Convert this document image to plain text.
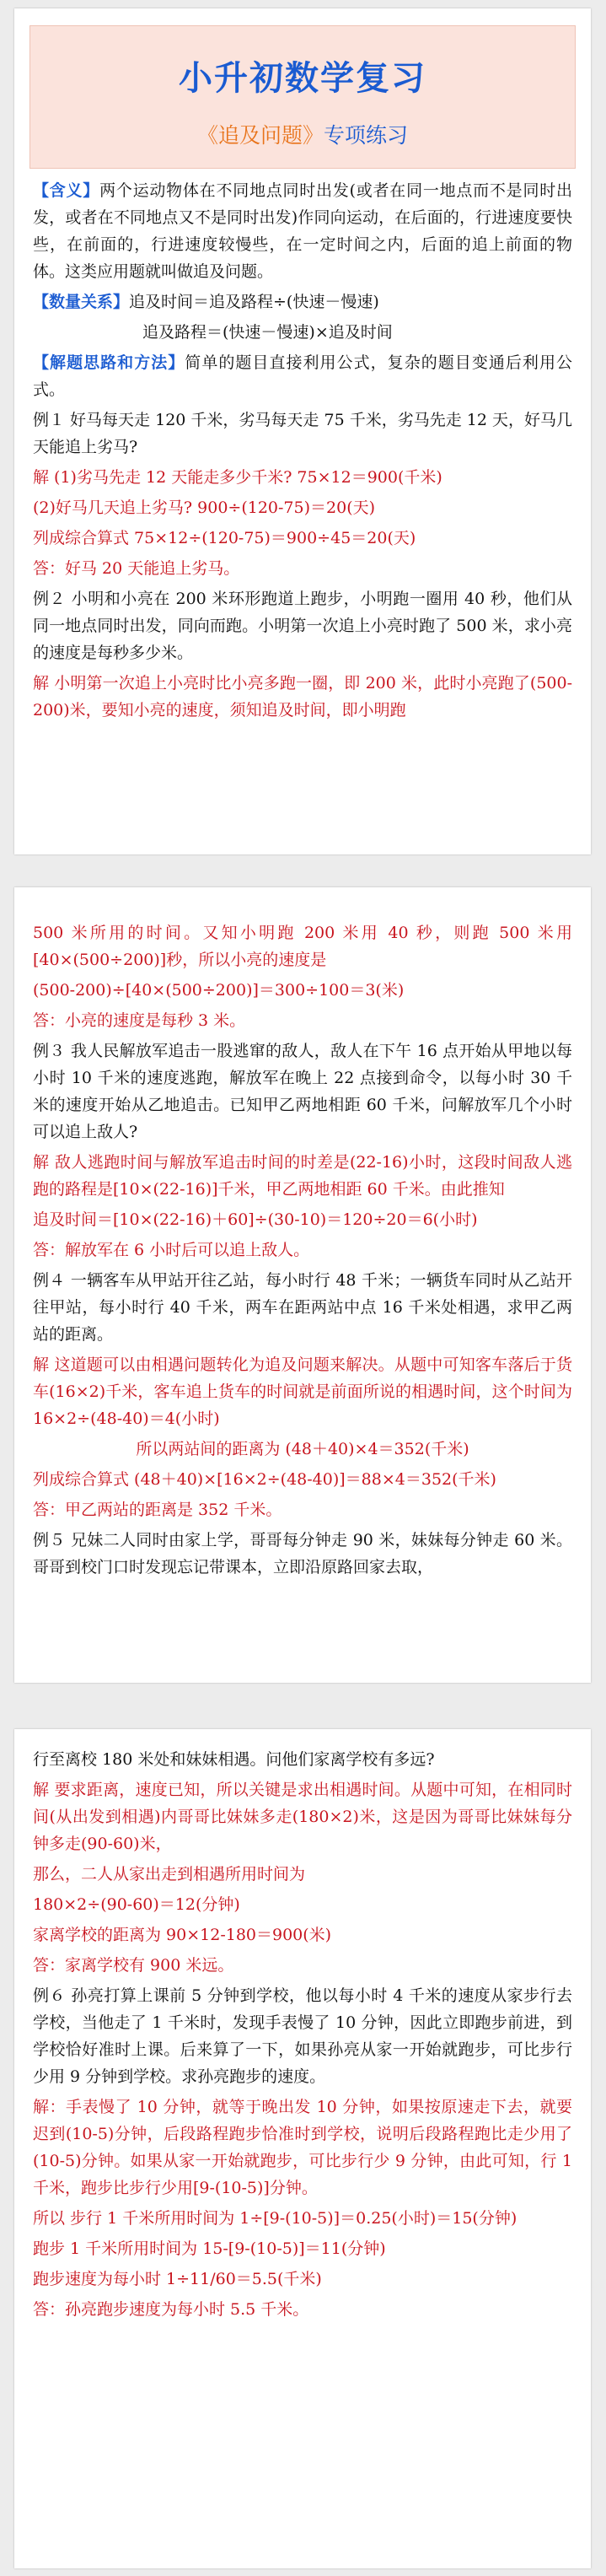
小升初数学复习
《追及问题》专项练习

【含义】两个运动物体在不同地点同时出发(或者在同一地点而不是同时出发，或者在不同地点又不是同时出发)作同向运动，在后面的，行进速度要快些，在前面的，行进速度较慢些，在一定时间之内，后面的追上前面的物体。这类应用题就叫做追及问题。

【数量关系】追及时间＝追及路程÷(快速－慢速)

追及路程＝(快速－慢速)×追及时间

【解题思路和方法】简单的题目直接利用公式，复杂的题目变通后利用公式。

例１ 好马每天走 120 千米，劣马每天走 75 千米，劣马先走 12 天，好马几天能追上劣马?

解 (1)劣马先走 12 天能走多少千米? 75×12＝900(千米)

(2)好马几天追上劣马? 900÷(120-75)＝20(天)

列成综合算式 75×12÷(120-75)＝900÷45＝20(天)

答：好马 20 天能追上劣马。

例２ 小明和小亮在 200 米环形跑道上跑步，小明跑一圈用 40 秒，他们从同一地点同时出发，同向而跑。小明第一次追上小亮时跑了 500 米，求小亮的速度是每秒多少米。

解 小明第一次追上小亮时比小亮多跑一圈，即 200 米，此时小亮跑了(500-200)米，要知小亮的速度，须知追及时间，即小明跑

500 米所用的时间。又知小明跑 200 米用 40 秒，则跑 500 米用[40×(500÷200)]秒，所以小亮的速度是

(500-200)÷[40×(500÷200)]＝300÷100＝3(米)

答：小亮的速度是每秒 3 米。

例３ 我人民解放军追击一股逃窜的敌人，敌人在下午 16 点开始从甲地以每小时 10 千米的速度逃跑，解放军在晚上 22 点接到命令，以每小时 30 千米的速度开始从乙地追击。已知甲乙两地相距 60 千米，问解放军几个小时可以追上敌人?

解 敌人逃跑时间与解放军追击时间的时差是(22-16)小时，这段时间敌人逃跑的路程是[10×(22-16)]千米，甲乙两地相距 60 千米。由此推知

追及时间＝[10×(22-16)＋60]÷(30-10)＝120÷20＝6(小时)

答：解放军在 6 小时后可以追上敌人。

例４ 一辆客车从甲站开往乙站，每小时行 48 千米；一辆货车同时从乙站开往甲站，每小时行 40 千米，两车在距两站中点 16 千米处相遇，求甲乙两站的距离。

解 这道题可以由相遇问题转化为追及问题来解决。从题中可知客车落后于货车(16×2)千米，客车追上货车的时间就是前面所说的相遇时间，这个时间为 16×2÷(48-40)＝4(小时)

所以两站间的距离为 (48＋40)×4＝352(千米)

列成综合算式 (48＋40)×[16×2÷(48-40)]＝88×4＝352(千米)

答：甲乙两站的距离是 352 千米。

例５ 兄妹二人同时由家上学，哥哥每分钟走 90 米，妹妹每分钟走 60 米。哥哥到校门口时发现忘记带课本，立即沿原路回家去取，

行至离校 180 米处和妹妹相遇。问他们家离学校有多远?

解 要求距离，速度已知，所以关键是求出相遇时间。从题中可知，在相同时间(从出发到相遇)内哥哥比妹妹多走(180×2)米，这是因为哥哥比妹妹每分钟多走(90-60)米，

那么，二人从家出走到相遇所用时间为

180×2÷(90-60)＝12(分钟)

家离学校的距离为 90×12-180＝900(米)

答：家离学校有 900 米远。

例６ 孙亮打算上课前 5 分钟到学校，他以每小时 4 千米的速度从家步行去学校，当他走了 1 千米时，发现手表慢了 10 分钟，因此立即跑步前进，到学校恰好准时上课。后来算了一下，如果孙亮从家一开始就跑步，可比步行少用 9 分钟到学校。求孙亮跑步的速度。

解：手表慢了 10 分钟，就等于晚出发 10 分钟，如果按原速走下去，就要迟到(10-5)分钟，后段路程跑步恰准时到学校，说明后段路程跑比走少用了(10-5)分钟。如果从家一开始就跑步，可比步行少 9 分钟，由此可知，行 1 千米，跑步比步行少用[9-(10-5)]分钟。

所以 步行 1 千米所用时间为 1÷[9-(10-5)]＝0.25(小时)＝15(分钟)

跑步 1 千米所用时间为 15-[9-(10-5)]＝11(分钟)

跑步速度为每小时 1÷11/60＝5.5(千米)

答：孙亮跑步速度为每小时 5.5 千米。
